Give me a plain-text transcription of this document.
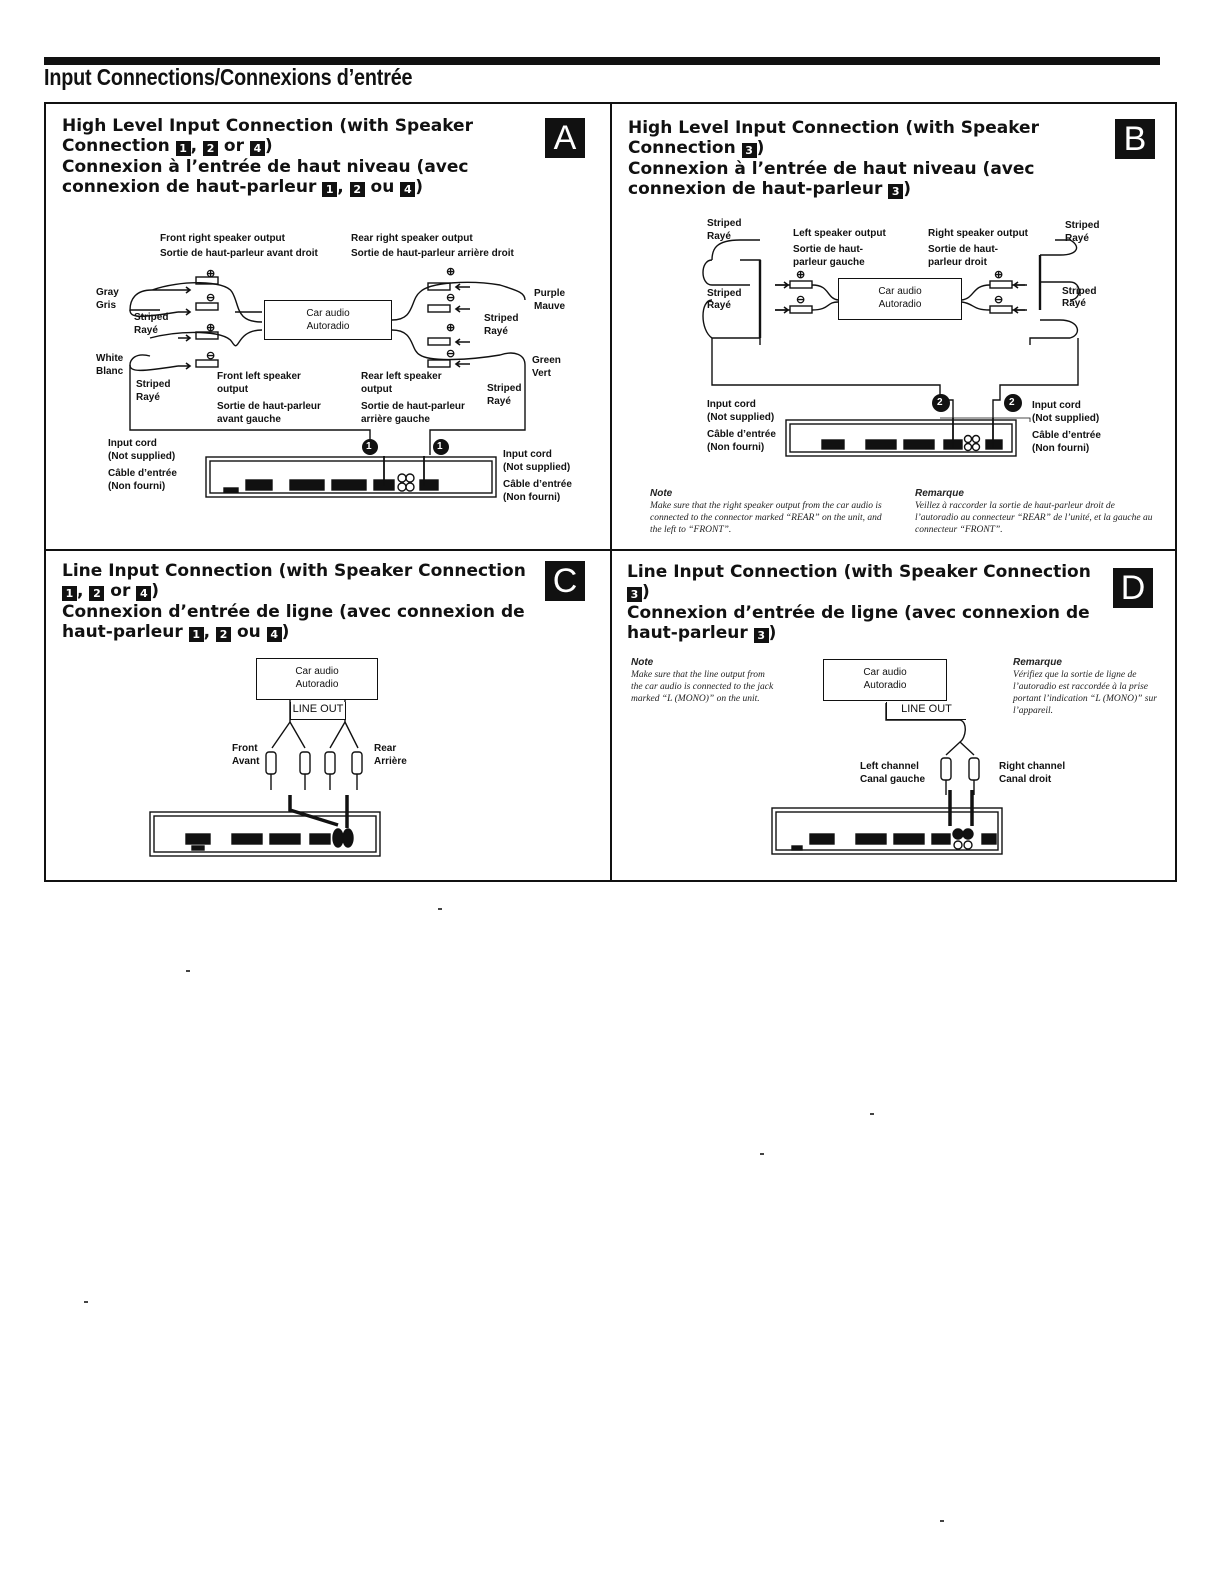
Input Connections/Connexions d’entrée

High Level Input Connection (with Speaker Connection 1 , 2 or 4 )

Connexion à l’entrée de haut niveau (avec connexion de haut-parleur 1 , 2 ou 4 )

A
1	1
⊕
⊖
⊕
⊖
⊕
⊖
⊕
⊖
Car audio
Autoradio
Front right speaker output
Sortie de haut-parleur avant droit
Rear right speaker output
Sortie de haut-parleur arrière droit
Gray
Gris
Striped
Rayé
White
Blanc
Striped
Rayé
Purple
Mauve
Striped
Rayé
Green
Vert
Striped
Rayé
Front left speaker
output
Sortie de haut-parleur
avant gauche
Rear left speaker
output
Sortie de haut-parleur
arrière gauche
Input cord
(Not supplied)
Câble d’entrée
(Non fourni)
Input cord
(Not supplied)
Câble d’entrée
(Non fourni)

High Level Input Connection (with Speaker Connection 3 )

Connexion à l’entrée de haut niveau (avec connexion de haut-parleur 3 )

B
2	2
⊕
⊖
⊕
⊖
Car audio
Autoradio
Striped
Rayé
Striped
Rayé
Striped
Rayé
Striped
Rayé
Left speaker output
Sortie de haut-
parleur gauche
Right speaker output
Sortie de haut-
parleur droit
Input cord
(Not supplied)
Câble d’entrée
(Non fourni)
Input cord
(Not supplied)
Câble d’entrée
(Non fourni)
Note
Make sure that the right speaker output from the car audio is connected to the connector marked “REAR” on the unit, and the left to “FRONT”.
Remarque
Veillez à raccorder la sortie de haut-parleur droit de l’autoradio au connecteur “REAR” de l’unité, et la gauche au connecteur “FRONT”.

Line Input Connection (with Speaker Connection 1 , 2 or 4 )

Connexion d’entrée de ligne (avec connexion de haut-parleur 1 , 2 ou 4 )

C
Car audio
Autoradio
LINE OUT
Front
Avant
Rear
Arrière

Line Input Connection (with Speaker Connection 3 )

Connexion d’entrée de ligne (avec connexion de haut-parleur 3 )

D
Car audio
Autoradio
LINE OUT
Left channel
Canal gauche
Right channel
Canal droit
Note
Make sure that the line output from the car audio is connected to the jack marked “L (MONO)” on the unit.
Remarque
Vérifiez que la sortie de ligne de l’autoradio est raccordée à la prise portant l’indication “L (MONO)” sur l’appareil.
